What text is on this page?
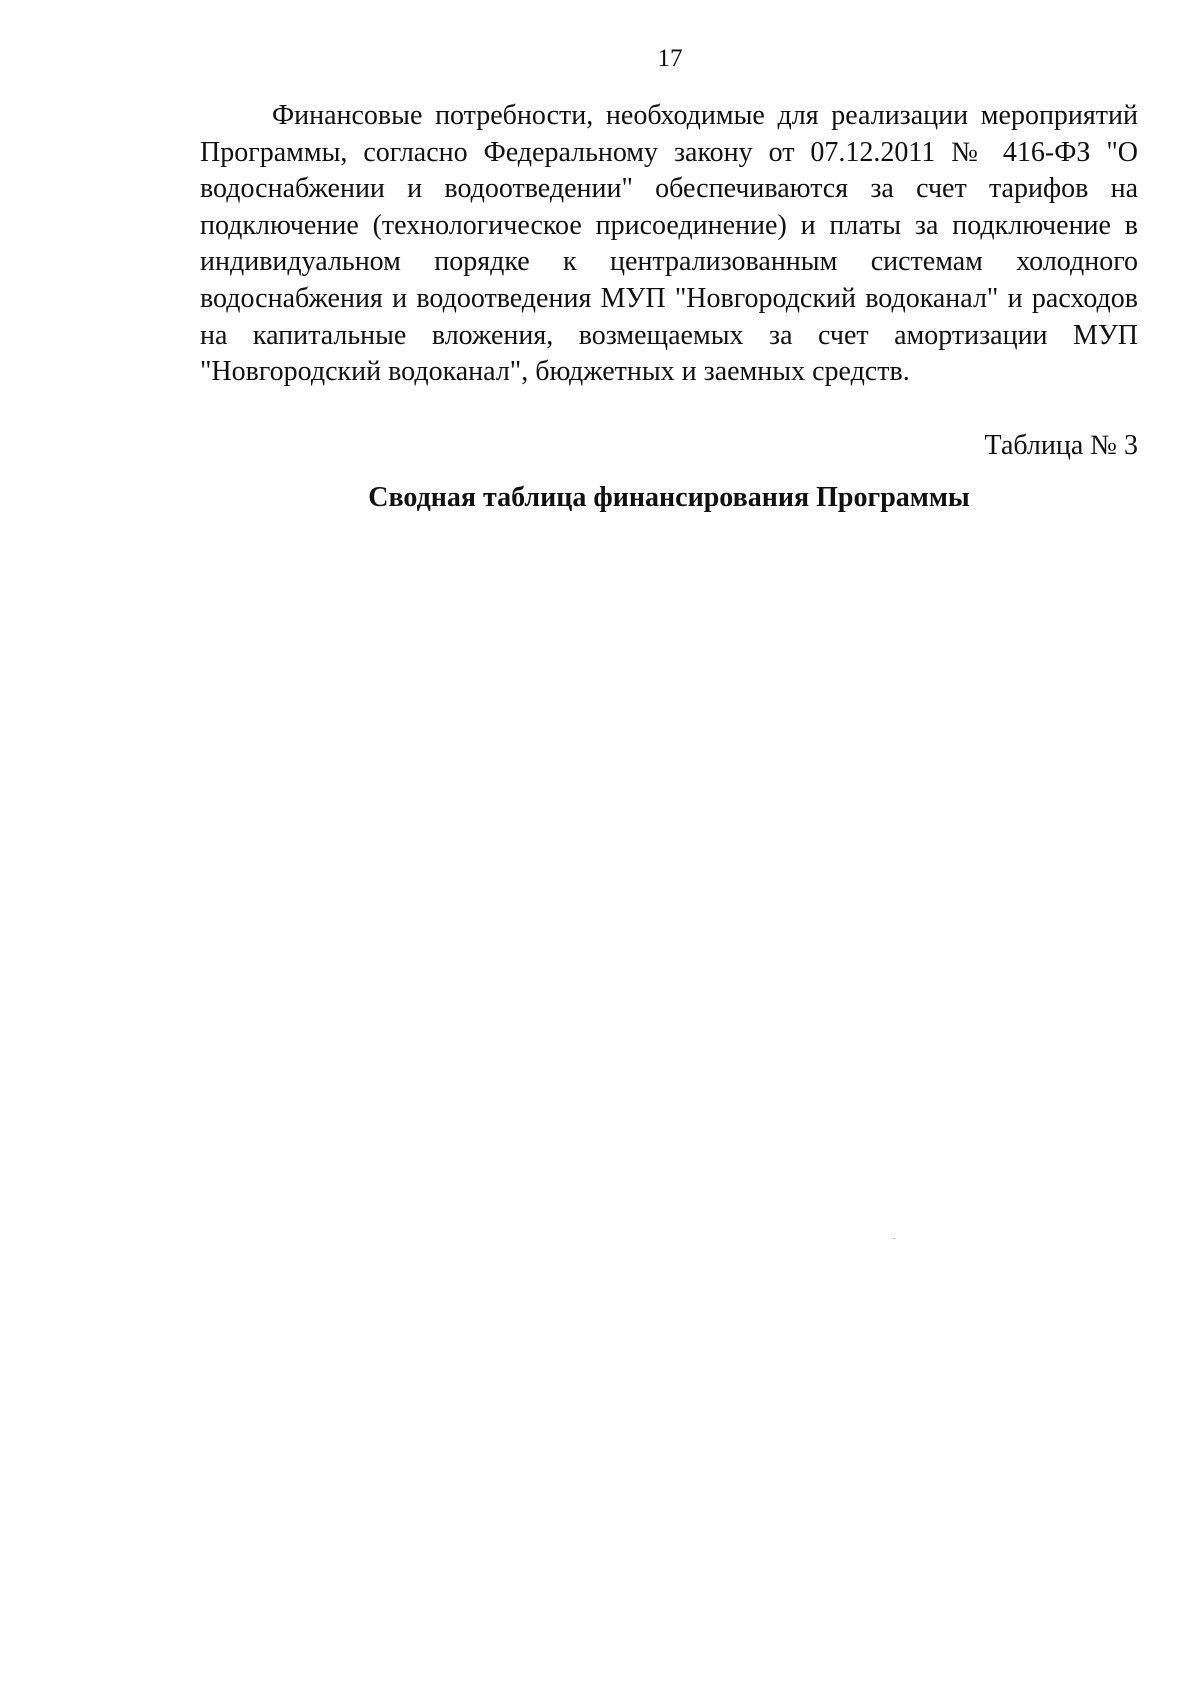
17

Финансовые потребности, необходимые для реализации мероприятий Программы, согласно Федеральному закону от 07.12.2011 № 416-ФЗ "О водоснабжении и водоотведении" обеспечиваются за счет тарифов на подключение (технологическое присоединение) и платы за подключение в индивидуальном порядке к централизованным системам холодного водоснабжения и водоотведения МУП "Новгородский водоканал" и расходов на капитальные вложения, возмещаемых за счет амортизации МУП "Новгородский водоканал", бюджетных и заемных средств.

Таблица № 3
Сводная таблица финансирования Программы
